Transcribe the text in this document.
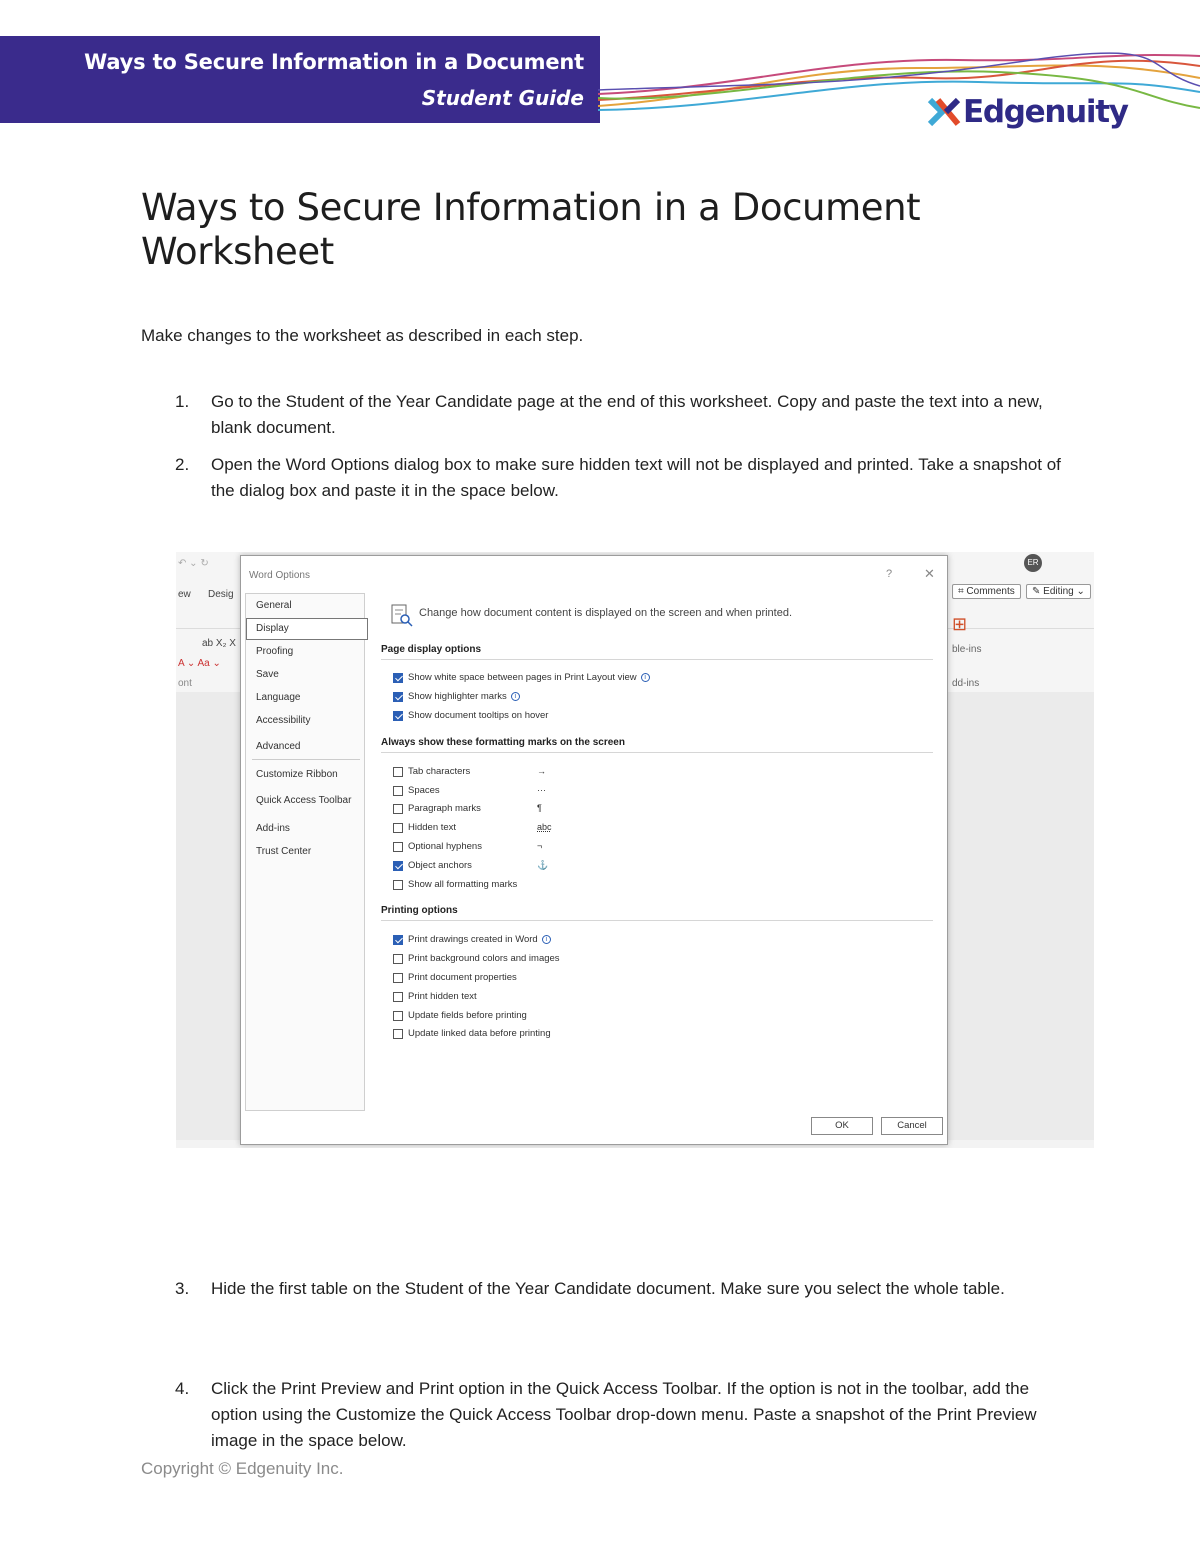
Ways to Secure Information in a Document
Student Guide	Edgenuity
Ways to Secure Information in a Document
Worksheet

Make changes to the worksheet as described in each step.

1. Go to the Student of the Year Candidate page at the end of this worksheet. Copy and paste the text into a new, blank document.
2. Open the Word Options dialog box to make sure hidden text will not be displayed and printed. Take a snapshot of the dialog box and paste it in the space below.
↶ ⌄ ↻
ew Desig
ab X₂ X
A ⌄ Aa ⌄
ont
⌗ Comments	✎ Editing ⌄
⊞
ble-ins
dd-ins
ER
Word Options	? ✕
General
Display
Proofing
Save
Language
Accessibility
Advanced
Customize Ribbon
Quick Access Toolbar
Add-ins
Trust Center
Change how document content is displayed on the screen and when printed.
Page display options
Show white space between pages in Print Layout view	i
Show highlighter marks	i
Show document tooltips on hover
Always show these formatting marks on the screen
Tab characters	→
Spaces	···
Paragraph marks	¶
Hidden text	abc
Optional hyphens	¬
Object anchors	⚓
Show all formatting marks
Printing options
Print drawings created in Word	i
Print background colors and images
Print document properties
Print hidden text
Update fields before printing
Update linked data before printing
OK	Cancel
3. Hide the first table on the Student of the Year Candidate document. Make sure you select the whole table.
4. Click the Print Preview and Print option in the Quick Access Toolbar. If the option is not in the toolbar, add the option using the Customize the Quick Access Toolbar drop-down menu. Paste a snapshot of the Print Preview image in the space below.
Copyright © Edgenuity Inc.
